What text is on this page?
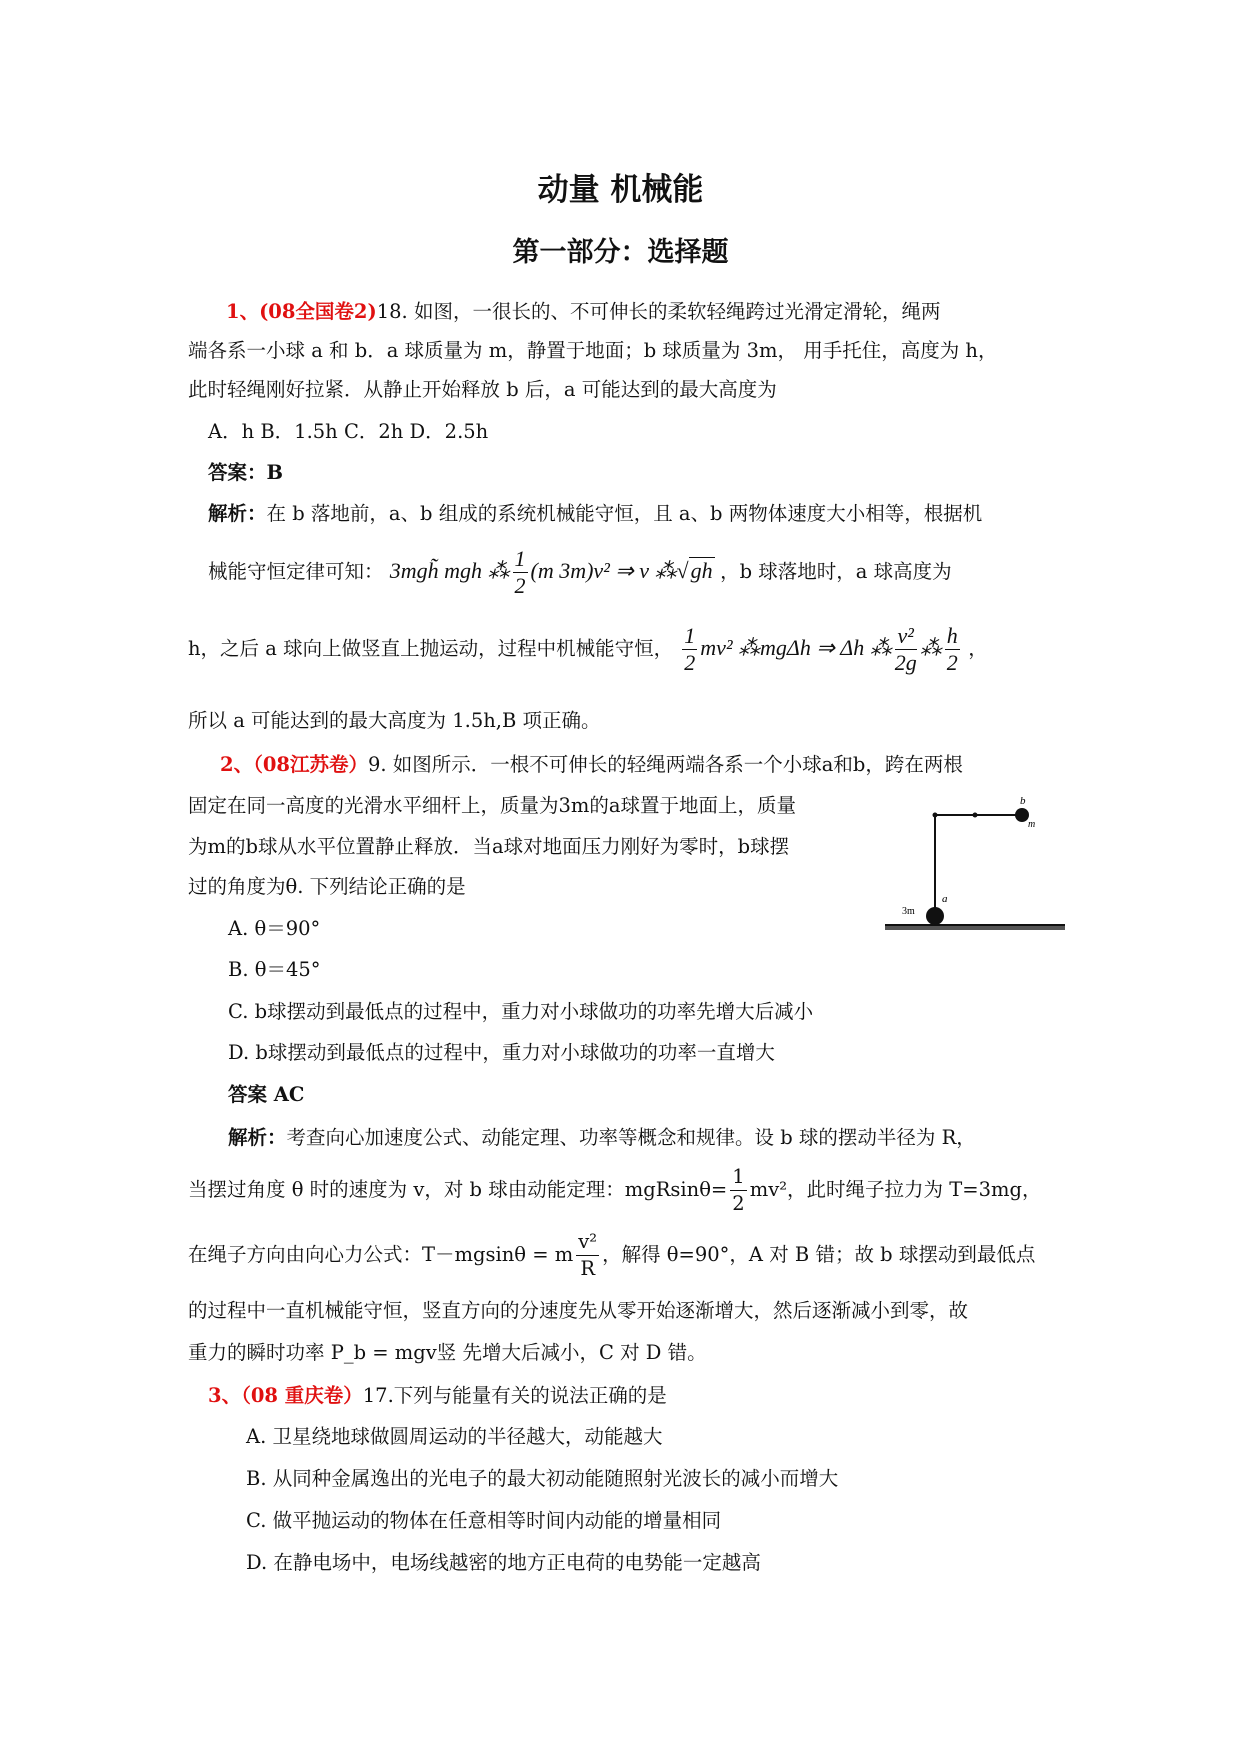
动量 机械能
第一部分：选择题
1、(08全国卷2)18. 如图，一很长的、不可伸长的柔软轻绳跨过光滑定滑轮，绳两
端各系一小球 a 和 b．a 球质量为 m，静置于地面；b 球质量为 3m， 用手托住，高度为 h，
此时轻绳刚好拉紧．从静止开始释放 b 后，a 可能达到的最大高度为
A．h B．1.5h C．2h D．2.5h
答案：B
解析：在 b 落地前，a、b 组成的系统机械能守恒，且 a、b 两物体速度大小相等，根据机
械能守恒定律可知： 3mgh̃ mgh ⁂ $\frac{1}{2} (m$ 3m)v² ⇒ v ⁂√gh ，b 球落地时，a 球高度为
h，之后 a 球向上做竖直上抛运动，过程中机械能守恒， $\frac{1}{2} mv^2$ ⁂mgΔh ⇒ Δh ⁂ $\frac{\text{v²}}{2g}$ ⁂ $\frac{h}{2}$ ，
所以 a 可能达到的最大高度为 1.5h,B 项正确。
2、（08江苏卷）9. 如图所示．一根不可伸长的轻绳两端各系一个小球a和b，跨在两根
固定在同一高度的光滑水平细杆上，质量为3m的a球置于地面上，质量
为m的b球从水平位置静止释放．当a球对地面压力刚好为零时，b球摆
过的角度为θ. 下列结论正确的是
b
m
a
3m
A. θ＝90°
B. θ＝45°
C. b球摆动到最低点的过程中，重力对小球做功的功率先增大后减小
D. b球摆动到最低点的过程中，重力对小球做功的功率一直增大
答案 AC
解析：考查向心加速度公式、动能定理、功率等概念和规律。设 b 球的摆动半径为 R，
当摆过角度 θ 时的速度为 v，对 b 球由动能定理：$mgRsin\theta= \frac{1}{2} mv^2$，此时绳子拉力为 T=3mg，
在绳子方向由向心力公式：T－mgsinθ = m $\frac{\text{v²}}{R}$ ，解得 θ=90°，A 对 B 错；故 b 球摆动到最低点
的过程中一直机械能守恒，竖直方向的分速度先从零开始逐渐增大，然后逐渐减小到零，故
重力的瞬时功率 P_b = mgv竖 先增大后减小，C 对 D 错。
3、（08 重庆卷）17.下列与能量有关的说法正确的是
A. 卫星绕地球做圆周运动的半径越大，动能越大
B. 从同种金属逸出的光电子的最大初动能随照射光波长的减小而增大
C. 做平抛运动的物体在任意相等时间内动能的增量相同
D. 在静电场中，电场线越密的地方正电荷的电势能一定越高
